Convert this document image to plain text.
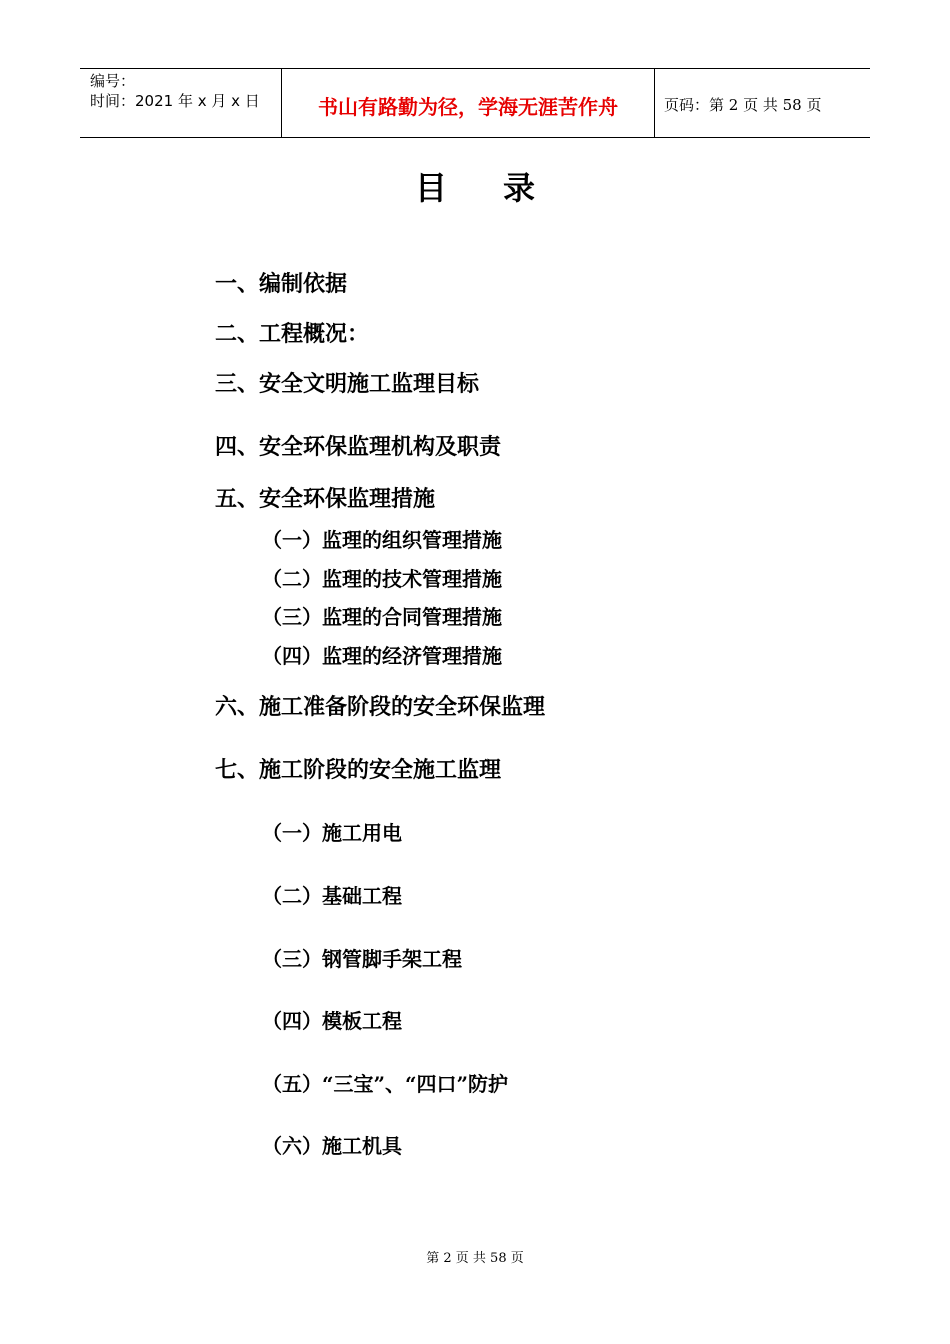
编号：
时间：2021 年 x 月 x 日	书山有路勤为径，学海无涯苦作舟	页码：第 2 页 共 58 页
目 录
一、编制依据
二、工程概况：
三、安全文明施工监理目标
四、安全环保监理机构及职责
五、安全环保监理措施
（一）监理的组织管理措施
（二）监理的技术管理措施
（三）监理的合同管理措施
（四）监理的经济管理措施
六、施工准备阶段的安全环保监理
七、施工阶段的安全施工监理
（一）施工用电
（二）基础工程
（三）钢管脚手架工程
（四）模板工程
（五）“三宝”、“四口”防护
（六）施工机具
第 2 页 共 58 页
